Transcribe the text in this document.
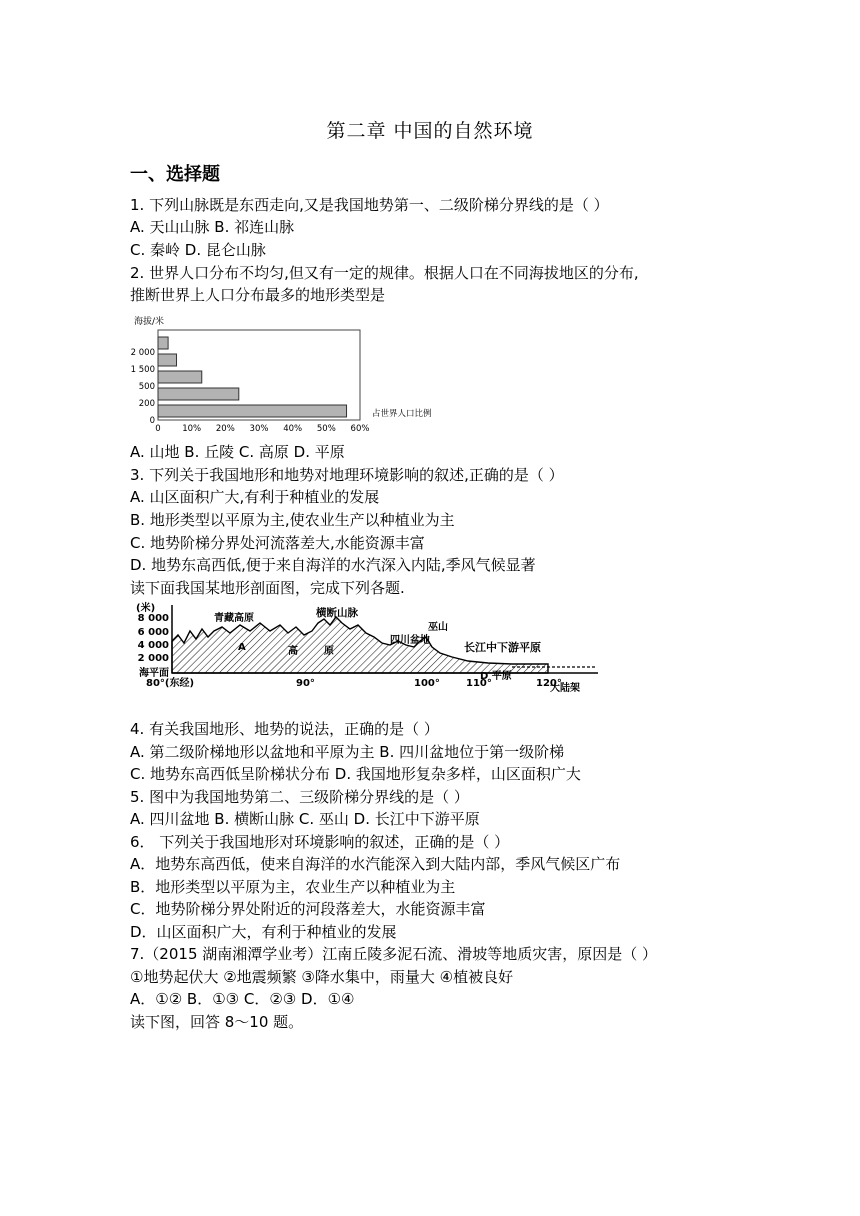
第二章 中国的自然环境
一、选择题
1. 下列山脉既是东西走向,又是我国地势第一、二级阶梯分界线的是（ ）
A. 天山山脉 B. 祁连山脉
C. 秦岭 D. 昆仑山脉
2. 世界人口分布不均匀,但又有一定的规律。根据人口在不同海拔地区的分布,
推断世界上人口分布最多的地形类型是
海拔/米
0
200
500
1 500
2 000
0	10% 20% 30% 40% 50% 60%
占世界人口比例
A. 山地 B. 丘陵 C. 高原 D. 平原
3. 下列关于我国地形和地势对地理环境影响的叙述,正确的是（ ）
A. 山区面积广大,有利于种植业的发展
B. 地形类型以平原为主,使农业生产以种植业为主
C. 地势阶梯分界处河流落差大,水能资源丰富
D. 地势东高西低,便于来自海洋的水汽深入内陆,季风气候显著
读下面我国某地形剖面图，完成下列各题.
(米)
8 000
6 000
4 000
2 000
海平面
80°(东经)	90°	100°	110°	120°
青藏高原	横断山脉
巫山
四川盆地
长江中下游平原
A	高	原
D 平原
大陆架
4. 有关我国地形、地势的说法，正确的是（ ）
A. 第二级阶梯地形以盆地和平原为主 B. 四川盆地位于第一级阶梯
C. 地势东高西低呈阶梯状分布 D. 我国地形复杂多样，山区面积广大
5. 图中为我国地势第二、三级阶梯分界线的是（ ）
A. 四川盆地 B. 横断山脉 C. 巫山 D. 长江中下游平原
6． 下列关于我国地形对环境影响的叙述，正确的是（ ）
A．地势东高西低，使来自海洋的水汽能深入到大陆内部，季风气候区广布
B．地形类型以平原为主，农业生产以种植业为主
C．地势阶梯分界处附近的河段落差大，水能资源丰富
D．山区面积广大，有利于种植业的发展
7.（2015 湖南湘潭学业考）江南丘陵多泥石流、滑坡等地质灾害，原因是（ ）
①地势起伏大 ②地震频繁 ③降水集中，雨量大 ④植被良好
A．①② B．①③ C．②③ D．①④
读下图，回答 8～10 题。
